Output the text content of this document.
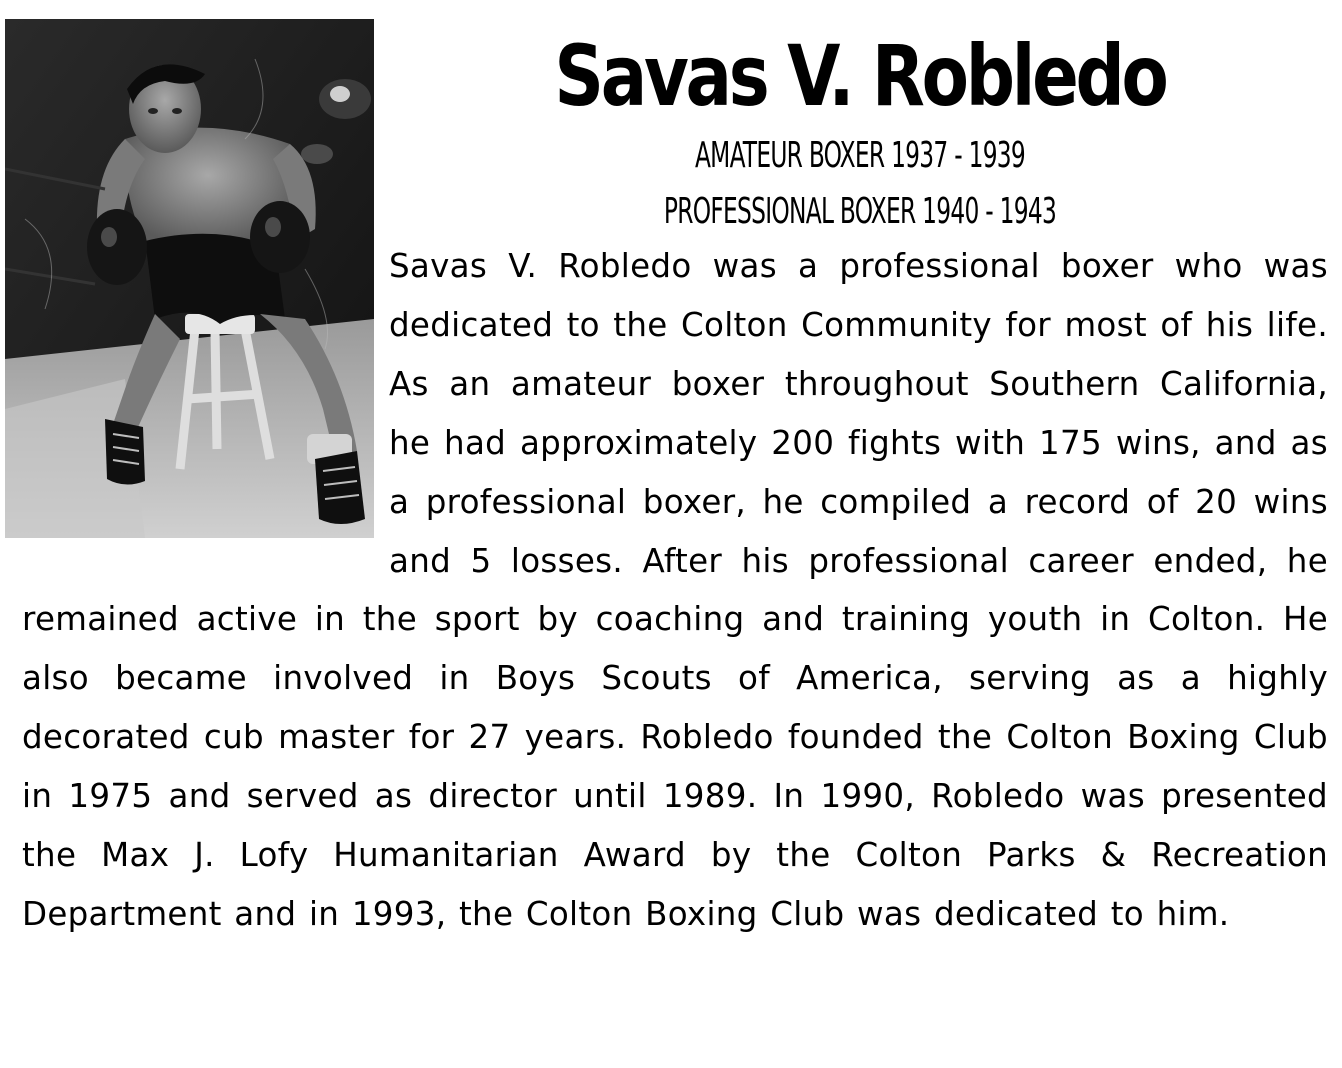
Savas V. Robledo
AMATEUR BOXER 1937 - 1939
PROFESSIONAL BOXER 1940 - 1943
Savas V. Robledo was a professional boxer who was dedicated to the Colton Community for most of his life. As an amateur boxer throughout Southern California, he had approximately 200 fights with 175 wins, and as a professional boxer, he compiled a record of 20 wins and 5 losses. After his professional career ended, he remained active in the sport by coaching and training youth in Colton. He also became involved in Boys Scouts of America, serving as a highly decorated cub master for 27 years. Robledo founded the Colton Boxing Club in 1975 and served as director until 1989. In 1990, Robledo was presented the Max J. Lofy Humanitarian Award by the Colton Parks & Recreation Department and in 1993, the Colton Boxing Club was dedicated to him.
